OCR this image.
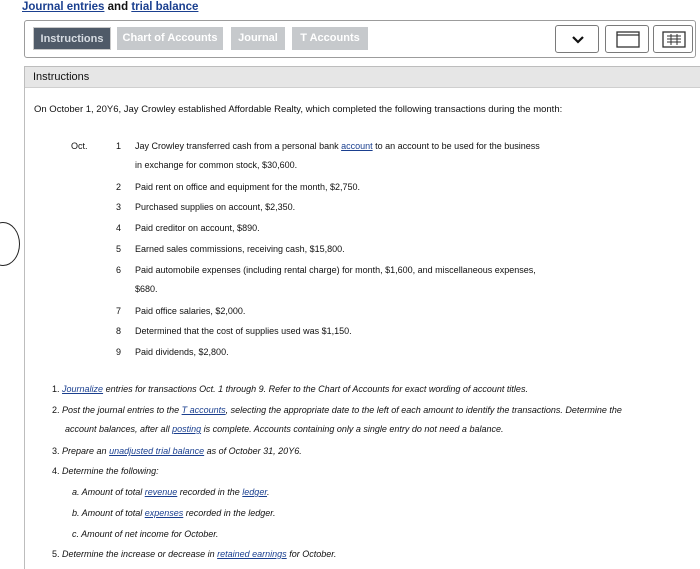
Journal entries and trial balance
Instructions	Chart of Accounts	Journal	T Accounts
Instructions
On October 1, 20Y6, Jay Crowley established Affordable Realty, which completed the following transactions during the month:
Oct.	1 Jay Crowley transferred cash from a personal bank account to an account to be used for the business
in exchange for common stock, $30,600.
2 Paid rent on office and equipment for the month, $2,750.
3 Purchased supplies on account, $2,350.
4 Paid creditor on account, $890.
5 Earned sales commissions, receiving cash, $15,800.
6 Paid automobile expenses (including rental charge) for month, $1,600, and miscellaneous expenses,
$680.
7 Paid office salaries, $2,000.
8 Determined that the cost of supplies used was $1,150.
9 Paid dividends, $2,800.
1. Journalize entries for transactions Oct. 1 through 9. Refer to the Chart of Accounts for exact wording of account titles.
2. Post the journal entries to the T accounts, selecting the appropriate date to the left of each amount to identify the transactions. Determine the
account balances, after all posting is complete. Accounts containing only a single entry do not need a balance.
3. Prepare an unadjusted trial balance as of October 31, 20Y6.
4. Determine the following:
a. Amount of total revenue recorded in the ledger.
b. Amount of total expenses recorded in the ledger.
c. Amount of net income for October.
5. Determine the increase or decrease in retained earnings for October.
